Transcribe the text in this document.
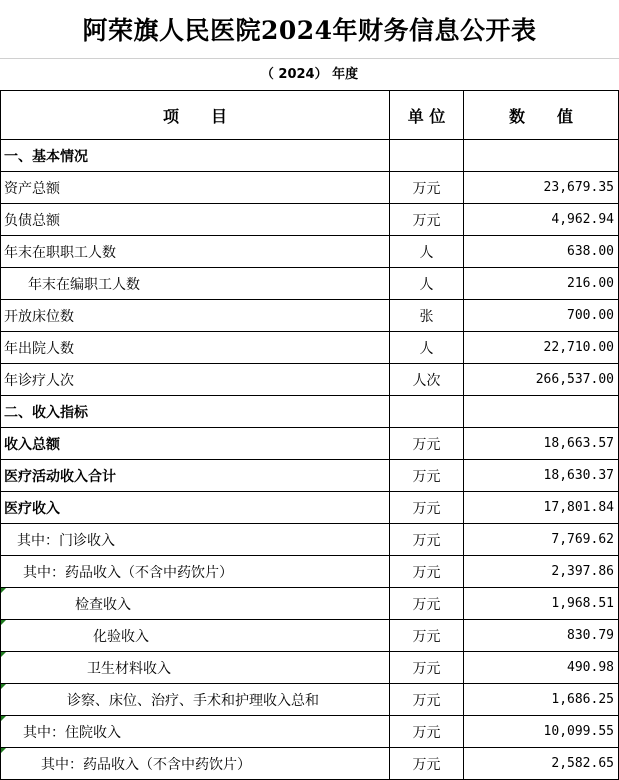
阿荣旗人民医院2024年财务信息公开表
（ 2024） 年度
项　　目	单 位	数　　值
一、基本情况		
资产总额	万元	23,679.35
负债总额	万元	4,962.94
年末在职职工人数	人	638.00
年末在编职工人数	人	216.00
开放床位数	张	700.00
年出院人数	人	22,710.00
年诊疗人次	人次	266,537.00
二、收入指标		
收入总额	万元	18,663.57
医疗活动收入合计	万元	18,630.37
医疗收入	万元	17,801.84
其中：门诊收入	万元	7,769.62
其中：药品收入（不含中药饮片）	万元	2,397.86

检查收入	万元	1,968.51

化验收入	万元	830.79

卫生材料收入	万元	490.98

诊察、床位、治疗、手术和护理收入总和	万元	1,686.25

其中：住院收入	万元	10,099.55

其中：药品收入（不含中药饮片）	万元	2,582.65
